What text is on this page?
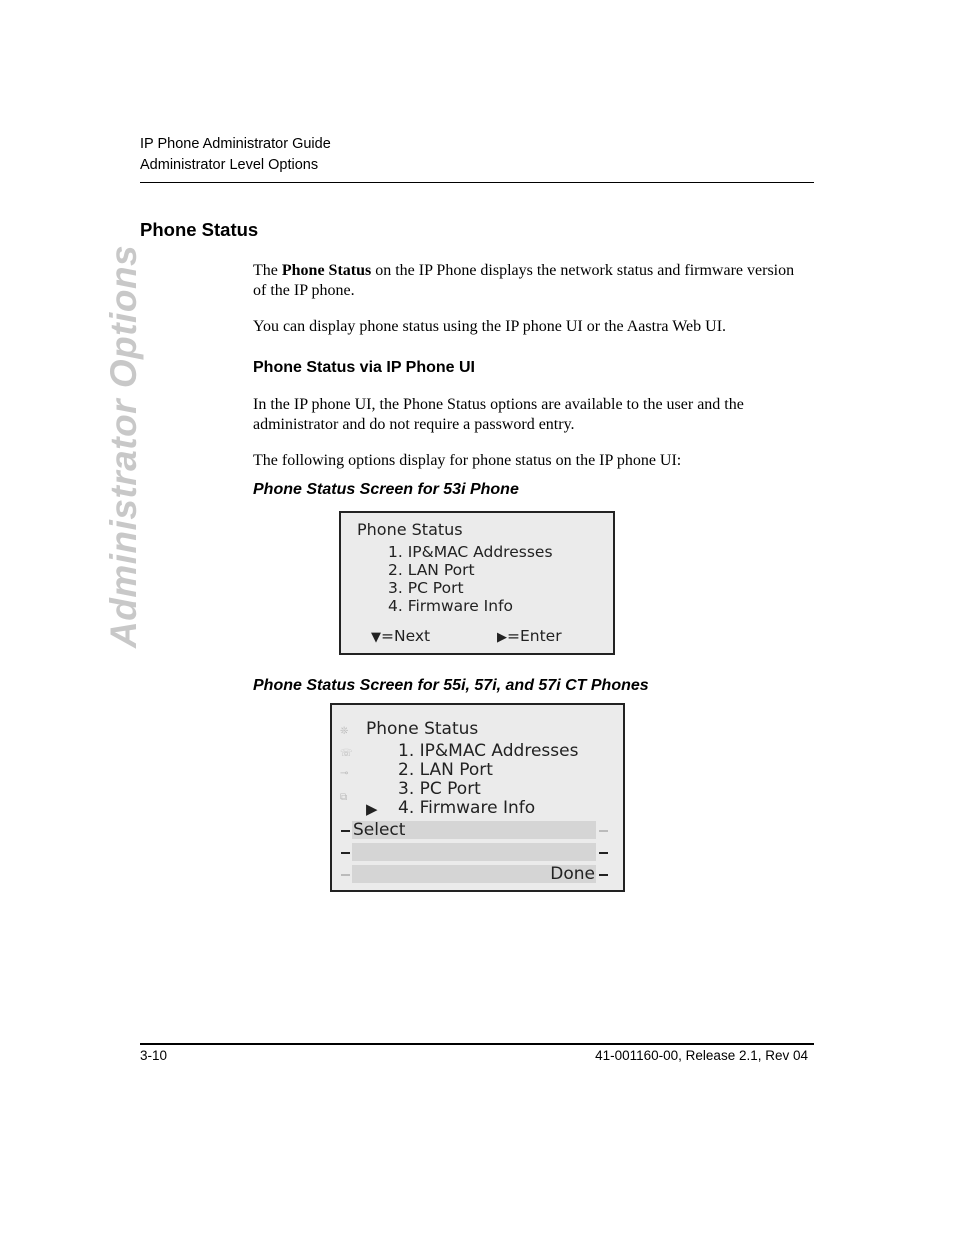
IP Phone Administrator Guide
Administrator Level Options
Administrator Options
Phone Status
The Phone Status on the IP Phone displays the network status and firmware version of the IP phone.
You can display phone status using the IP phone UI or the Aastra Web UI.
Phone Status via IP Phone UI
In the IP phone UI, the Phone Status options are available to the user and the administrator and do not require a password entry.
The following options display for phone status on the IP phone UI:
Phone Status Screen for 53i Phone
Phone Status
1. IP&MAC Addresses
2. LAN Port
3. PC Port
4. Firmware Info
▼=Next	▶=Enter
Phone Status Screen for 55i, 57i, and 57i CT Phones
❊
☏
⊸
⧉
Phone Status
1. IP&MAC Addresses
2. LAN Port
3. PC Port
▶ 4. Firmware Info
Select
Done
3-10	41-001160-00, Release 2.1, Rev 04
